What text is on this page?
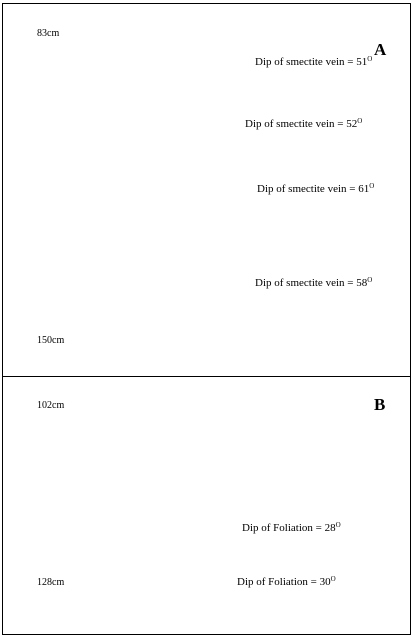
A
83cm
150cm
Dip of smectite vein = $51^O$
Dip of smectite vein = $52^O$
Dip of smectite vein = $61^O$
Dip of smectite vein = $58^O$
B
102cm
128cm
Dip of Foliation = $28^O$
Dip of Foliation = $30^O$
